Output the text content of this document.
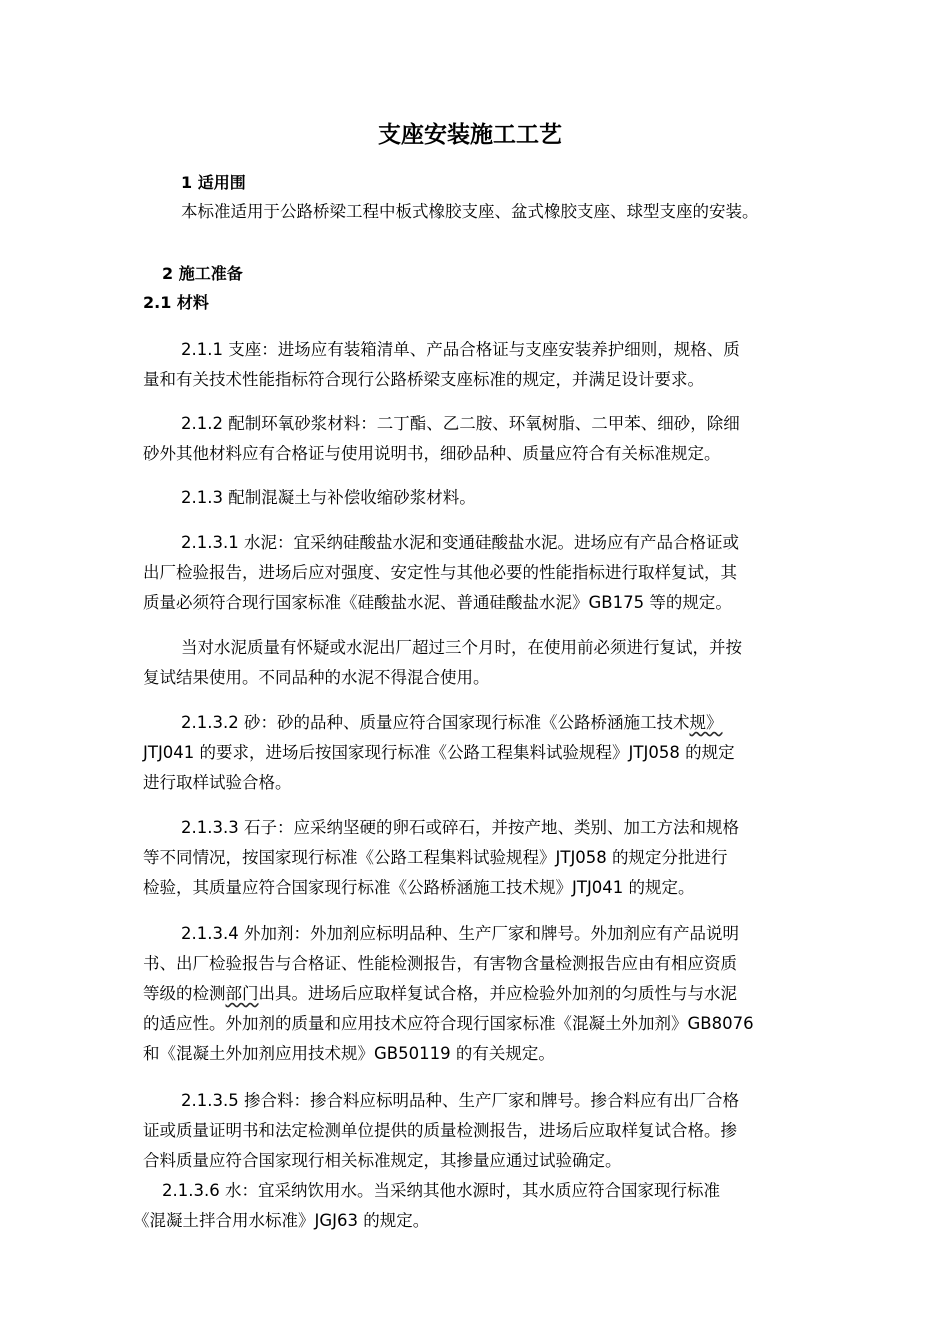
支座安装施工工艺
1 适用围
本标准适用于公路桥梁工程中板式橡胶支座、盆式橡胶支座、球型支座的安装。
2 施工准备
2.1 材料
2.1.1 支座：进场应有装箱清单、产品合格证与支座安装养护细则，规格、质
量和有关技术性能指标符合现行公路桥梁支座标准的规定，并满足设计要求。
2.1.2 配制环氧砂浆材料：二丁酯、乙二胺、环氧树脂、二甲苯、细砂，除细
砂外其他材料应有合格证与使用说明书，细砂品种、质量应符合有关标准规定。
2.1.3 配制混凝土与补偿收缩砂浆材料。
2.1.3.1 水泥：宜采纳硅酸盐水泥和变通硅酸盐水泥。进场应有产品合格证或
出厂检验报告，进场后应对强度、安定性与其他必要的性能指标进行取样复试，其
质量必须符合现行国家标准《硅酸盐水泥、普通硅酸盐水泥》GB175 等的规定。
当对水泥质量有怀疑或水泥出厂超过三个月时，在使用前必须进行复试，并按
复试结果使用。不同品种的水泥不得混合使用。
2.1.3.2 砂：砂的品种、质量应符合国家现行标准《公路桥涵施工技术规》
JTJ041 的要求，进场后按国家现行标准《公路工程集料试验规程》JTJ058 的规定
进行取样试验合格。
2.1.3.3 石子：应采纳坚硬的卵石或碎石，并按产地、类别、加工方法和规格
等不同情况，按国家现行标准《公路工程集料试验规程》JTJ058 的规定分批进行
检验，其质量应符合国家现行标准《公路桥涵施工技术规》JTJ041 的规定。
2.1.3.4 外加剂：外加剂应标明品种、生产厂家和牌号。外加剂应有产品说明
书、出厂检验报告与合格证、性能检测报告，有害物含量检测报告应由有相应资质
等级的检测部门出具。进场后应取样复试合格，并应检验外加剂的匀质性与与水泥
的适应性。外加剂的质量和应用技术应符合现行国家标准《混凝土外加剂》GB8076
和《混凝土外加剂应用技术规》GB50119 的有关规定。
2.1.3.5 掺合料：掺合料应标明品种、生产厂家和牌号。掺合料应有出厂合格
证或质量证明书和法定检测单位提供的质量检测报告，进场后应取样复试合格。掺
合料质量应符合国家现行相关标准规定，其掺量应通过试验确定。
2.1.3.6 水：宜采纳饮用水。当采纳其他水源时，其水质应符合国家现行标准
《混凝土拌合用水标准》JGJ63 的规定。
